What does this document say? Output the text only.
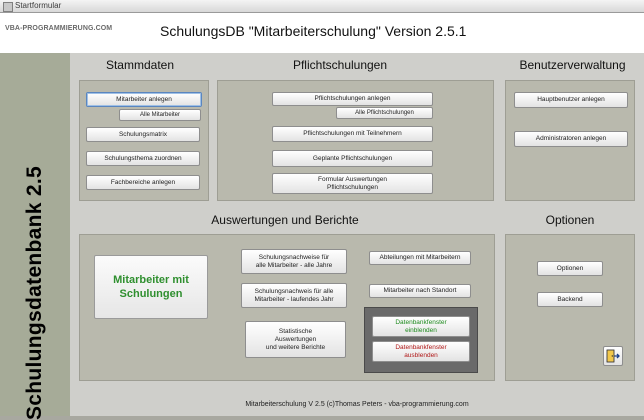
Startformular
VBA-PROGRAMMIERUNG.COM	SchulungsDB "Mitarbeiterschulung" Version 2.5.1
Schulungsdatenbank 2.5
Stammdaten
Mitarbeiter anlegen
Alle Mitarbeiter
Schulungsmatrix
Schulungsthema zuordnen
Fachbereiche anlegen
Pflichtschulungen
Pflichtschulungen anlegen
Alle Pflichtschulungen
Pflichtschulungen mit Teilnehmern
Geplante Pflichtschulungen
Formular Auswertungen
Pflichtschulungen
Benutzerverwaltung
Hauptbenutzer anlegen
Administratoren anlegen
Auswertungen und Berichte
Mitarbeiter mit
Schulungen
Schulungsnachweise für
alle Mitarbeiter - alle Jahre
Schulungsnachweis für alle
Mitarbeiter - laufendes Jahr
Statistische
Auswertungen
und weitere Berichte
Abteilungen mit Mitarbeitern
Mitarbeiter nach Standort
Datenbankfenster
einblenden
Datenbankfenster
ausblenden
Optionen
Optionen
Backend
Mitarbeiterschulung V 2.5 (c)Thomas Peters - vba-programmierung.com
